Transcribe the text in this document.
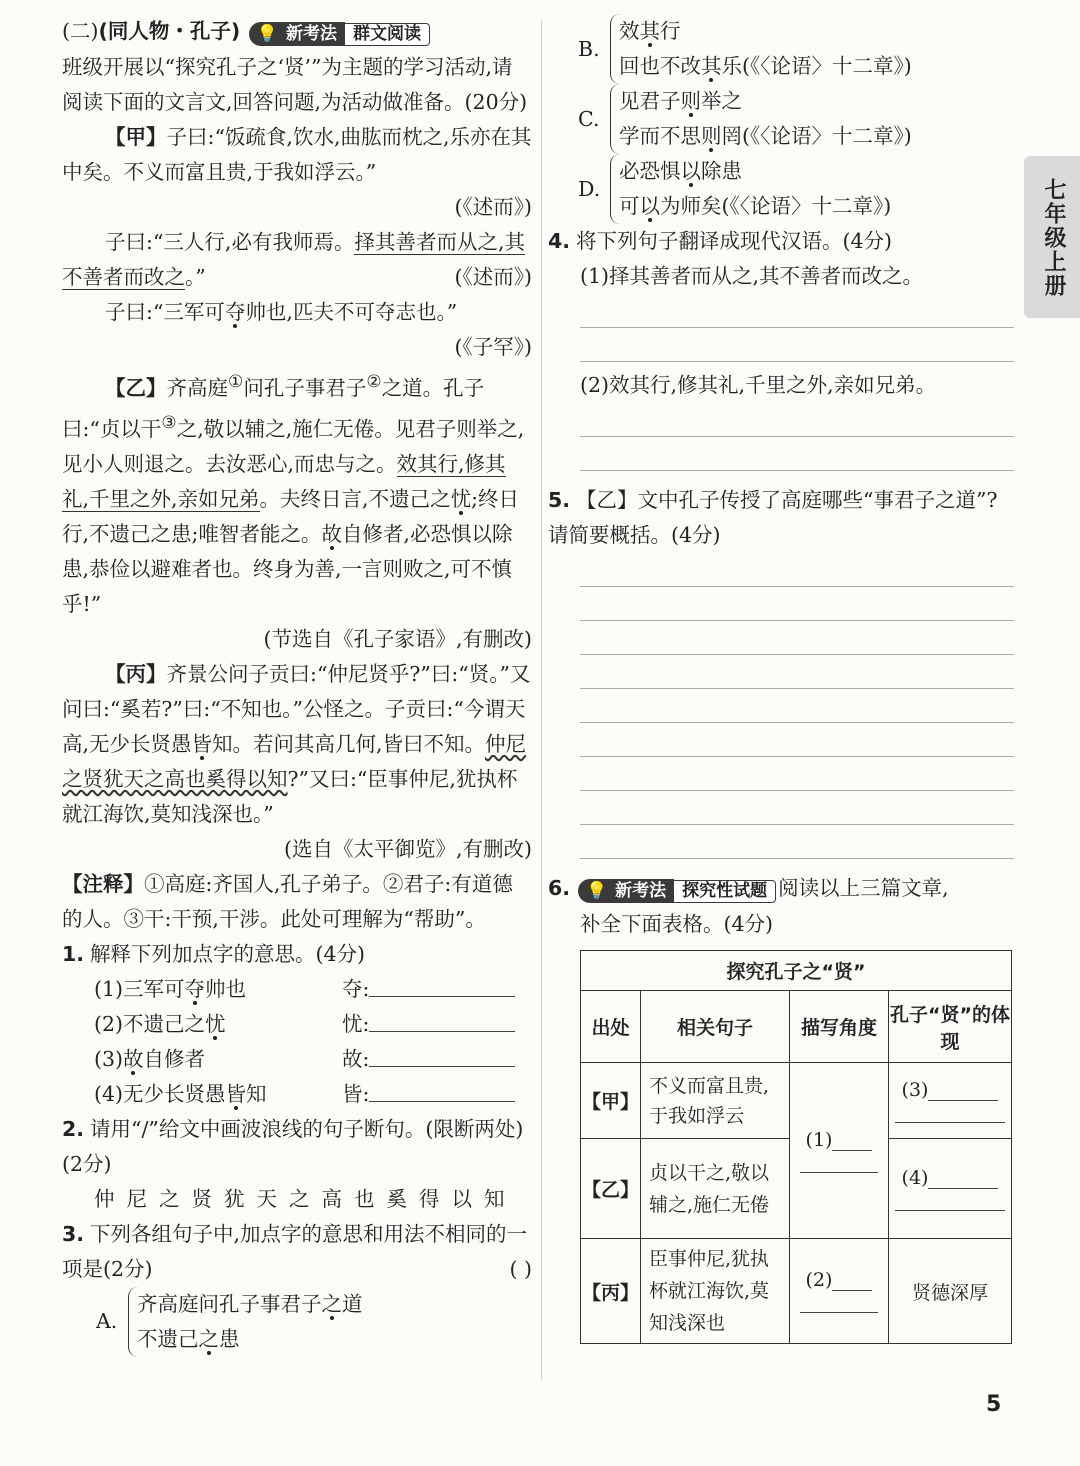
(二)(同人物・孔子) 💡 新考法 群文阅读

班级开展以“探究孔子之‘贤’”为主题的学习活动,请阅读下面的文言文,回答问题,为活动做准备。(20分)

【甲】子曰:“饭疏食,饮水,曲肱而枕之,乐亦在其中矣。不义而富且贵,于我如浮云。”

(《述而》)

子曰:“三人行,必有我师焉。择其善者而从之,其不善者而改之。”	(《述而》)

子曰:“三军可夺帅也,匹夫不可夺志也。”

(《子罕》)

【乙】齐高庭①问孔子事君子②之道。孔子曰:“贞以干③之,敬以辅之,施仁无倦。见君子则举之,见小人则退之。去汝恶心,而忠与之。效其行,修其礼,千里之外,亲如兄弟。夫终日言,不遗己之忧;终日行,不遗己之患;唯智者能之。故自修者,必恐惧以除患,恭俭以避难者也。终身为善,一言则败之,可不慎乎!”

(节选自《孔子家语》,有删改)

【丙】齐景公问子贡曰:“仲尼贤乎?”曰:“贤。”又问曰:“奚若?”曰:“不知也。”公怪之。子贡曰:“今谓天高,无少长贤愚皆知。若问其高几何,皆曰不知。仲尼之贤犹天之高也奚得以知?”又曰:“臣事仲尼,犹执杯就江海饮,莫知浅深也。”

(选自《太平御览》,有删改)

【注释】①高庭:齐国人,孔子弟子。②君子:有道德的人。③干:干预,干涉。此处可理解为“帮助”。

1. 解释下列加点字的意思。(4分)

(1)三军可夺帅也	夺:
(2)不遗己之忧	忧:
(3)故自修者	故:
(4)无少长贤愚皆知	皆:

2. 请用“/”给文中画波浪线的句子断句。(限断两处)(2分)

仲尼之贤犹天之高也奚得以知

3. 下列各组句子中,加点字的意思和用法不相同的一项是(2分)	( )

A.
齐高庭问孔子事君子之道
不遗己之患
B.
效其行
回也不改其乐(《〈论语〉十二章》)
C.
见君子则举之
学而不思则罔(《〈论语〉十二章》)
D.
必恐惧以除患
可以为师矣(《〈论语〉十二章》)

4. 将下列句子翻译成现代汉语。(4分)

(1)择其善者而从之,其不善者而改之。

(2)效其行,修其礼,千里之外,亲如兄弟。

5. 【乙】文中孔子传授了高庭哪些“事君子之道”?请简要概括。(4分)

6. 💡 新考法 探究性试题 阅读以上三篇文章,

补全下面表格。(4分)

探究孔子之“贤”			
出处	相关句子	描写角度	孔子“贤”的体现
【甲】	不义而富且贵,于我如浮云	(1)	(3)

【乙】	贞以干之,敬以辅之,施仁无倦		(4)

【丙】	臣事仲尼,犹执杯就江海饮,莫知浅深也	(2)	贤德深厚
七年级上册
5
